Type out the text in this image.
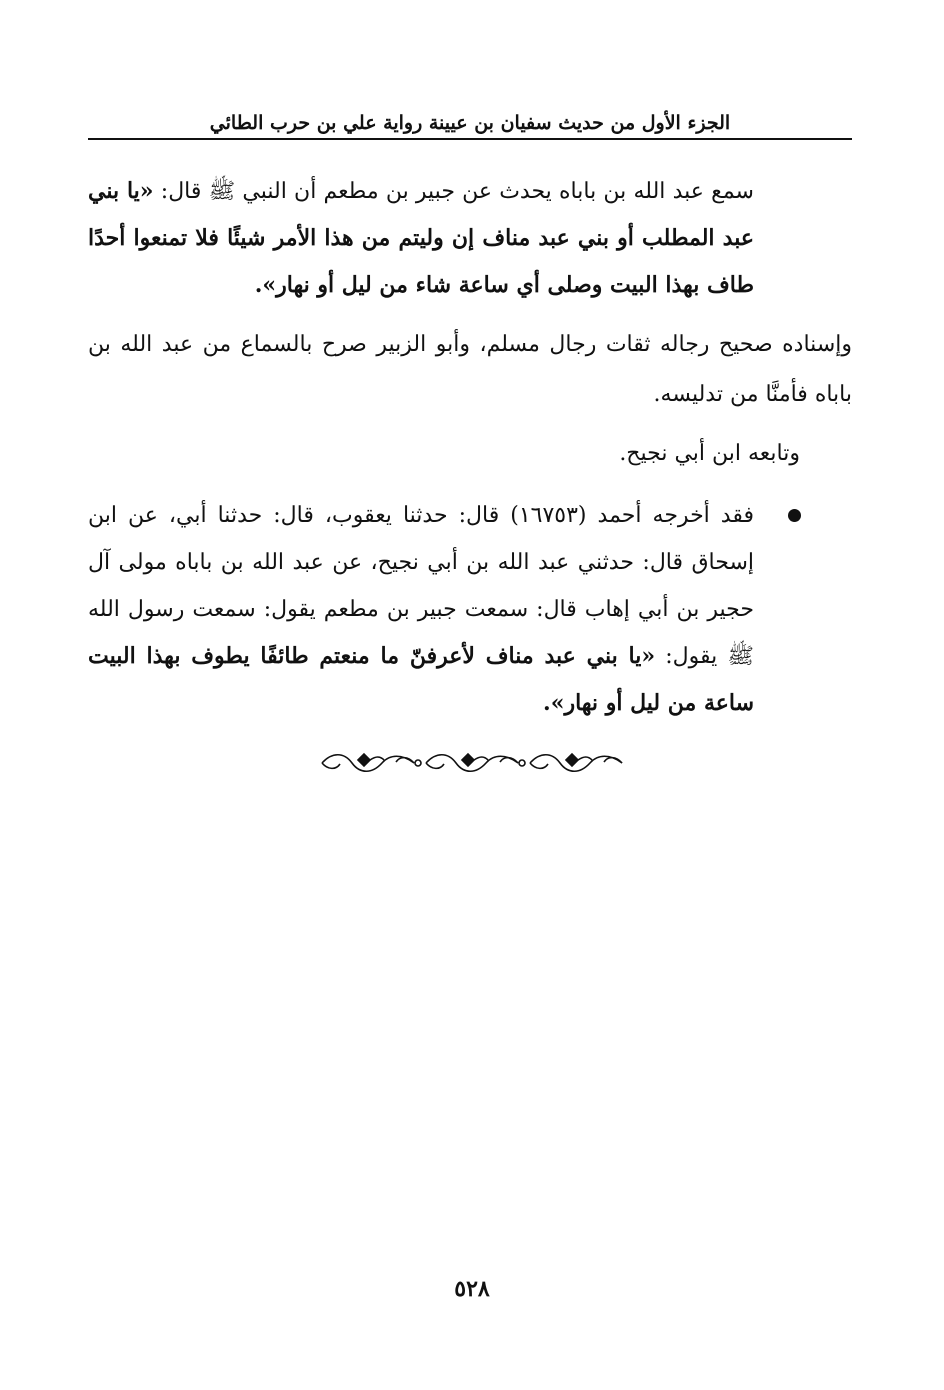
الجزء الأول من حديث سفيان بن عيينة رواية علي بن حرب الطائي
سمع عبد الله بن باباه يحدث عن جبير بن مطعم أن النبي ﷺ قال: «يا بني عبد المطلب أو بني عبد مناف إن وليتم من هذا الأمر شيئًا فلا تمنعوا أحدًا طاف بهذا البيت وصلى أي ساعة شاء من ليل أو نهار».
وإسناده صحيح رجاله ثقات رجال مسلم، وأبو الزبير صرح بالسماع من عبد الله بن باباه فأمنَّا من تدليسه.
وتابعه ابن أبي نجيح.
فقد أخرجه أحمد (١٦٧٥٣) قال: حدثنا يعقوب، قال: حدثنا أبي، عن ابن إسحاق قال: حدثني عبد الله بن أبي نجيح، عن عبد الله بن باباه مولى آل حجير بن أبي إهاب قال: سمعت جبير بن مطعم يقول: سمعت رسول الله ﷺ يقول: «يا بني عبد مناف لأعرفنّ ما منعتم طائفًا يطوف بهذا البيت ساعة من ليل أو نهار».
٥٢٨
